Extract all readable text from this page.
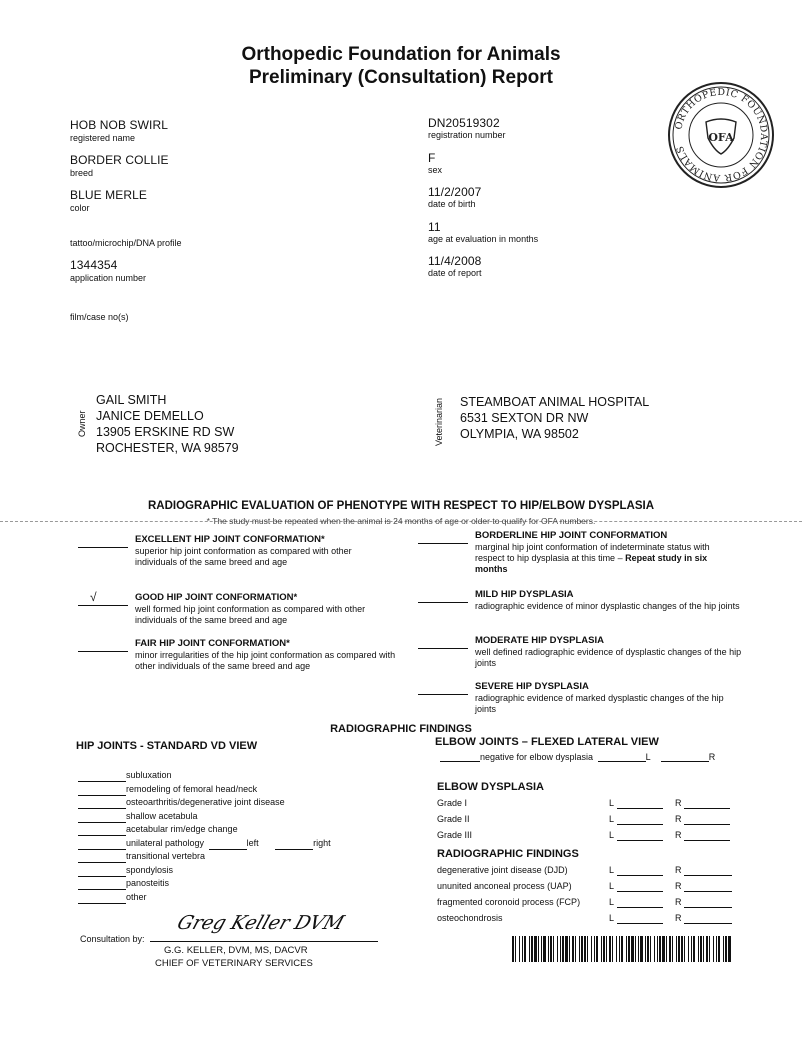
Orthopedic Foundation for Animals
Preliminary (Consultation) Report
ORTHOPEDIC FOUNDATION FOR ANIMALS
OFA
HOB NOB SWIRL
registered name
BORDER COLLIE
breed
BLUE MERLE
color
tattoo/microchip/DNA profile
1344354
application number
film/case no(s)
DN20519302
registration number
F
sex
11/2/2007
date of birth
11
age at evaluation in months
11/4/2008
date of report
Owner
GAIL SMITH
JANICE DEMELLO
13905 ERSKINE RD SW
ROCHESTER, WA 98579
Veterinarian STEAMBOAT ANIMAL HOSPITAL
6531 SEXTON DR NW
OLYMPIA, WA 98502
RADIOGRAPHIC EVALUATION OF PHENOTYPE WITH RESPECT TO HIP/ELBOW DYSPLASIA
* The study must be repeated when the animal is 24 months of age or older to qualify for OFA numbers.
EXCELLENT HIP JOINT CONFORMATION*
superior hip joint conformation as compared with other individuals of the same breed and age
√	GOOD HIP JOINT CONFORMATION*
well formed hip joint conformation as compared with other individuals of the same breed and age
FAIR HIP JOINT CONFORMATION*
minor irregularities of the hip joint conformation as compared with other individuals of the same breed and age
BORDERLINE HIP JOINT CONFORMATION
marginal hip joint conformation of indeterminate status with respect to hip dysplasia at this time – Repeat study in six months
MILD HIP DYSPLASIA
radiographic evidence of minor dysplastic changes of the hip joints
MODERATE HIP DYSPLASIA
well defined radiographic evidence of dysplastic changes of the hip joints
SEVERE HIP DYSPLASIA
radiographic evidence of marked dysplastic changes of the hip joints
RADIOGRAPHIC FINDINGS
HIP JOINTS - STANDARD VD VIEW
subluxation
remodeling of femoral head/neck
osteoarthritis/degenerative joint disease
shallow acetabula
acetabular rim/edge change
unilateral pathology	left	right
transitional vertebra
spondylosis
panosteitis
other
ELBOW JOINTS – FLEXED LATERAL VIEW
negative for elbow dysplasia	L	R
ELBOW DYSPLASIA
Grade I	L	R
Grade II	L	R
Grade III	L	R
RADIOGRAPHIC FINDINGS
degenerative joint disease (DJD)	L	R
ununited anconeal process (UAP)	L	R
fragmented coronoid process (FCP)	L	R
osteochondrosis	L	R
Consultation by:
Greg Keller DVM
G.G. KELLER, DVM, MS, DACVR
CHIEF OF VETERINARY SERVICES
